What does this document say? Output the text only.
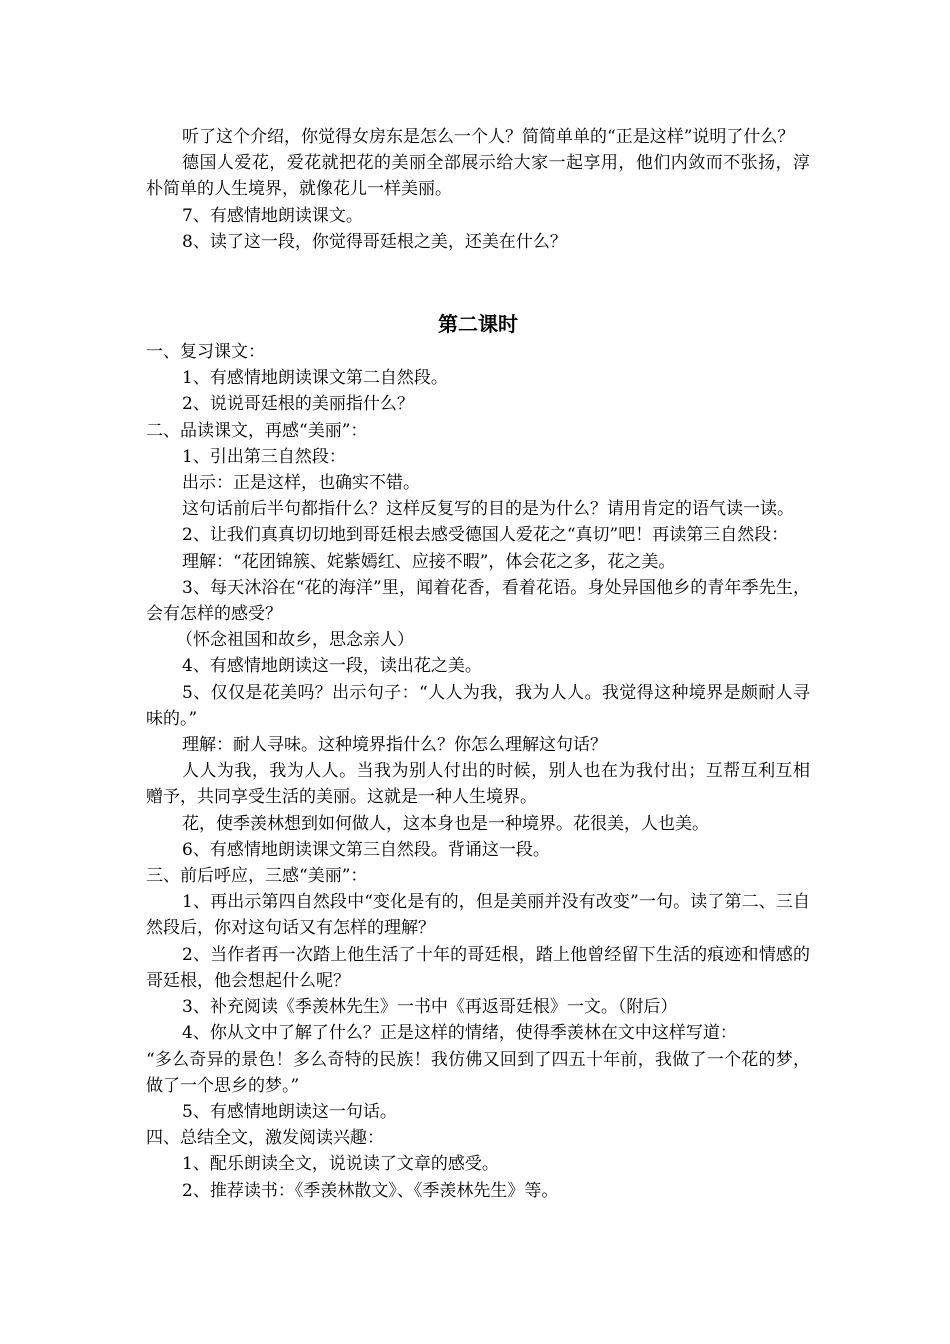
听了这个介绍，你觉得女房东是怎么一个人？简简单单的“正是这样”说明了什么？

德国人爱花，爱花就把花的美丽全部展示给大家一起享用，他们内敛而不张扬，淳朴简单的人生境界，就像花儿一样美丽。

7、有感情地朗读课文。

8、读了这一段，你觉得哥廷根之美，还美在什么？

第二课时

一、复习课文：

1、有感情地朗读课文第二自然段。

2、说说哥廷根的美丽指什么？

二、品读课文，再感“美丽”：

1、引出第三自然段：

出示：正是这样，也确实不错。

这句话前后半句都指什么？这样反复写的目的是为什么？请用肯定的语气读一读。

2、让我们真真切切地到哥廷根去感受德国人爱花之“真切”吧！再读第三自然段：

理解：“花团锦簇、姹紫嫣红、应接不暇”，体会花之多，花之美。

3、每天沐浴在“花的海洋”里，闻着花香，看着花语。身处异国他乡的青年季先生，会有怎样的感受？

（怀念祖国和故乡，思念亲人）

4、有感情地朗读这一段，读出花之美。

5、仅仅是花美吗？出示句子：“人人为我，我为人人。我觉得这种境界是颇耐人寻味的。”

理解：耐人寻味。这种境界指什么？你怎么理解这句话？

人人为我，我为人人。当我为别人付出的时候，别人也在为我付出；互帮互利互相赠予，共同享受生活的美丽。这就是一种人生境界。

花，使季羡林想到如何做人，这本身也是一种境界。花很美，人也美。

6、有感情地朗读课文第三自然段。背诵这一段。

三、前后呼应，三感“美丽”：

1、再出示第四自然段中“变化是有的，但是美丽并没有改变”一句。读了第二、三自然段后，你对这句话又有怎样的理解？

2、当作者再一次踏上他生活了十年的哥廷根，踏上他曾经留下生活的痕迹和情感的哥廷根，他会想起什么呢？

3、补充阅读《季羡林先生》一书中《再返哥廷根》一文。（附后）

4、你从文中了解了什么？正是这样的情绪，使得季羡林在文中这样写道：

“多么奇异的景色！多么奇特的民族！我仿佛又回到了四五十年前，我做了一个花的梦，做了一个思乡的梦。”

5、有感情地朗读这一句话。

四、总结全文，激发阅读兴趣：

1、配乐朗读全文，说说读了文章的感受。

2、推荐读书：《季羡林散文》、《季羡林先生》等。
